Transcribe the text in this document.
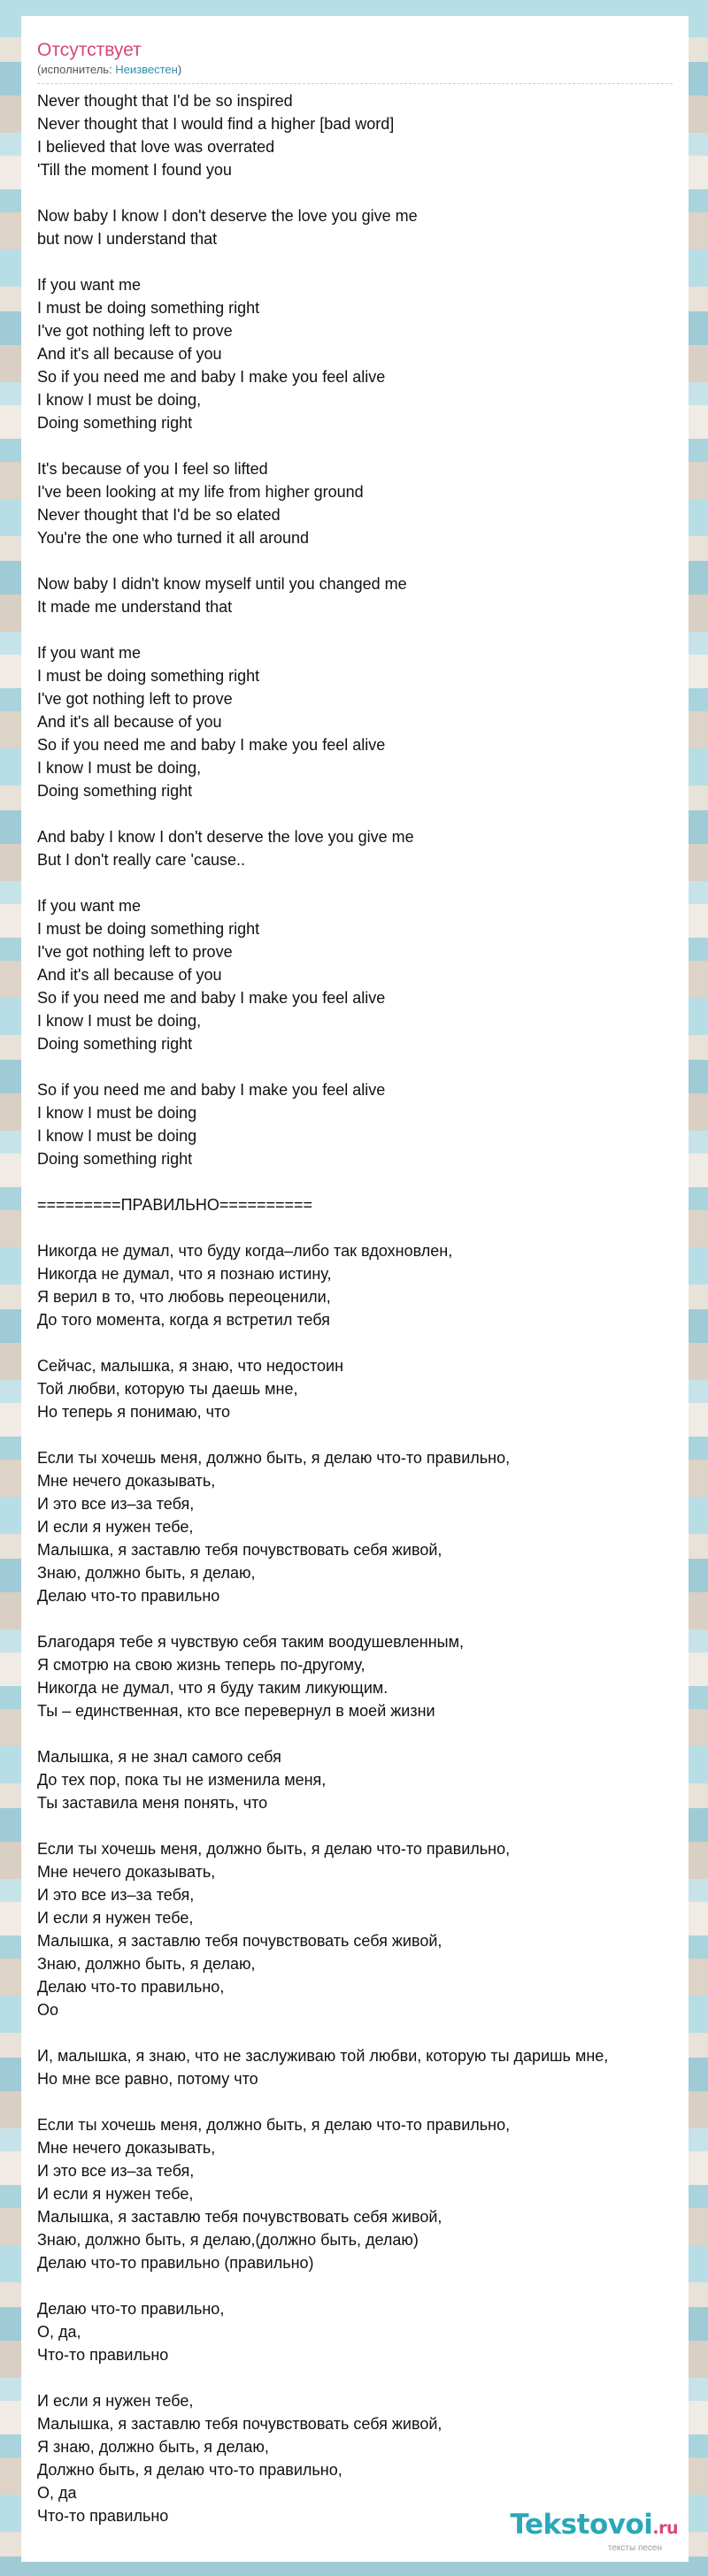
Отсутствует
(исполнитель: Неизвестен)
Never thought that I'd be so inspired
Never thought that I would find a higher [bad word]
I believed that love was overrated
'Till the moment I found you

Now baby I know I don't deserve the love you give me
but now I understand that

If you want me
I must be doing something right
I've got nothing left to prove
And it's all because of you
So if you need me and baby I make you feel alive
I know I must be doing,
Doing something right

It's because of you I feel so lifted
I've been looking at my life from higher ground
Never thought that I'd be so elated
You're the one who turned it all around

Now baby I didn't know myself until you changed me
It made me understand that

If you want me
I must be doing something right
I've got nothing left to prove
And it's all because of you
So if you need me and baby I make you feel alive
I know I must be doing,
Doing something right

And baby I know I don't deserve the love you give me
But I don't really care 'cause..

If you want me
I must be doing something right
I've got nothing left to prove
And it's all because of you
So if you need me and baby I make you feel alive
I know I must be doing,
Doing something right

So if you need me and baby I make you feel alive
I know I must be doing
I know I must be doing
Doing something right

=========ПРАВИЛЬНО==========

Никогда не думал, что буду когда–либо так вдохновлен,
Никогда не думал, что я познаю истину,
Я верил в то, что любовь переоценили,
До того момента, когда я встретил тебя

Сейчас, малышка, я знаю, что недостоин
Той любви, которую ты даешь мне,
Но теперь я понимаю, что

Если ты хочешь меня, должно быть, я делаю что-то правильно,
Мне нечего доказывать,
И это все из–за тебя,
И если я нужен тебе,
Малышка, я заставлю тебя почувствовать себя живой,
Знаю, должно быть, я делаю,
Делаю что-то правильно

Благодаря тебе я чувствую себя таким воодушевленным,
Я смотрю на свою жизнь теперь по-другому,
Никогда не думал, что я буду таким ликующим.
Ты – единственная, кто все перевернул в моей жизни

Малышка, я не знал самого себя
До тех пор, пока ты не изменила меня,
Ты заставила меня понять, что

Если ты хочешь меня, должно быть, я делаю что-то правильно,
Мне нечего доказывать,
И это все из–за тебя,
И если я нужен тебе,
Малышка, я заставлю тебя почувствовать себя живой,
Знаю, должно быть, я делаю,
Делаю что-то правильно,
Оо

И, малышка, я знаю, что не заслуживаю той любви, которую ты даришь мне,
Но мне все равно, потому что

Если ты хочешь меня, должно быть, я делаю что-то правильно,
Мне нечего доказывать,
И это все из–за тебя,
И если я нужен тебе,
Малышка, я заставлю тебя почувствовать себя живой,
Знаю, должно быть, я делаю,(должно быть, делаю)
Делаю что-то правильно (правильно)

Делаю что-то правильно,
О, да,
Что-то правильно

И если я нужен тебе,
Малышка, я заставлю тебя почувствовать себя живой,
Я знаю, должно быть, я делаю,
Должно быть, я делаю что-то правильно,
О, да
Что-то правильно	Tekstovoi.ru
тексты песен
